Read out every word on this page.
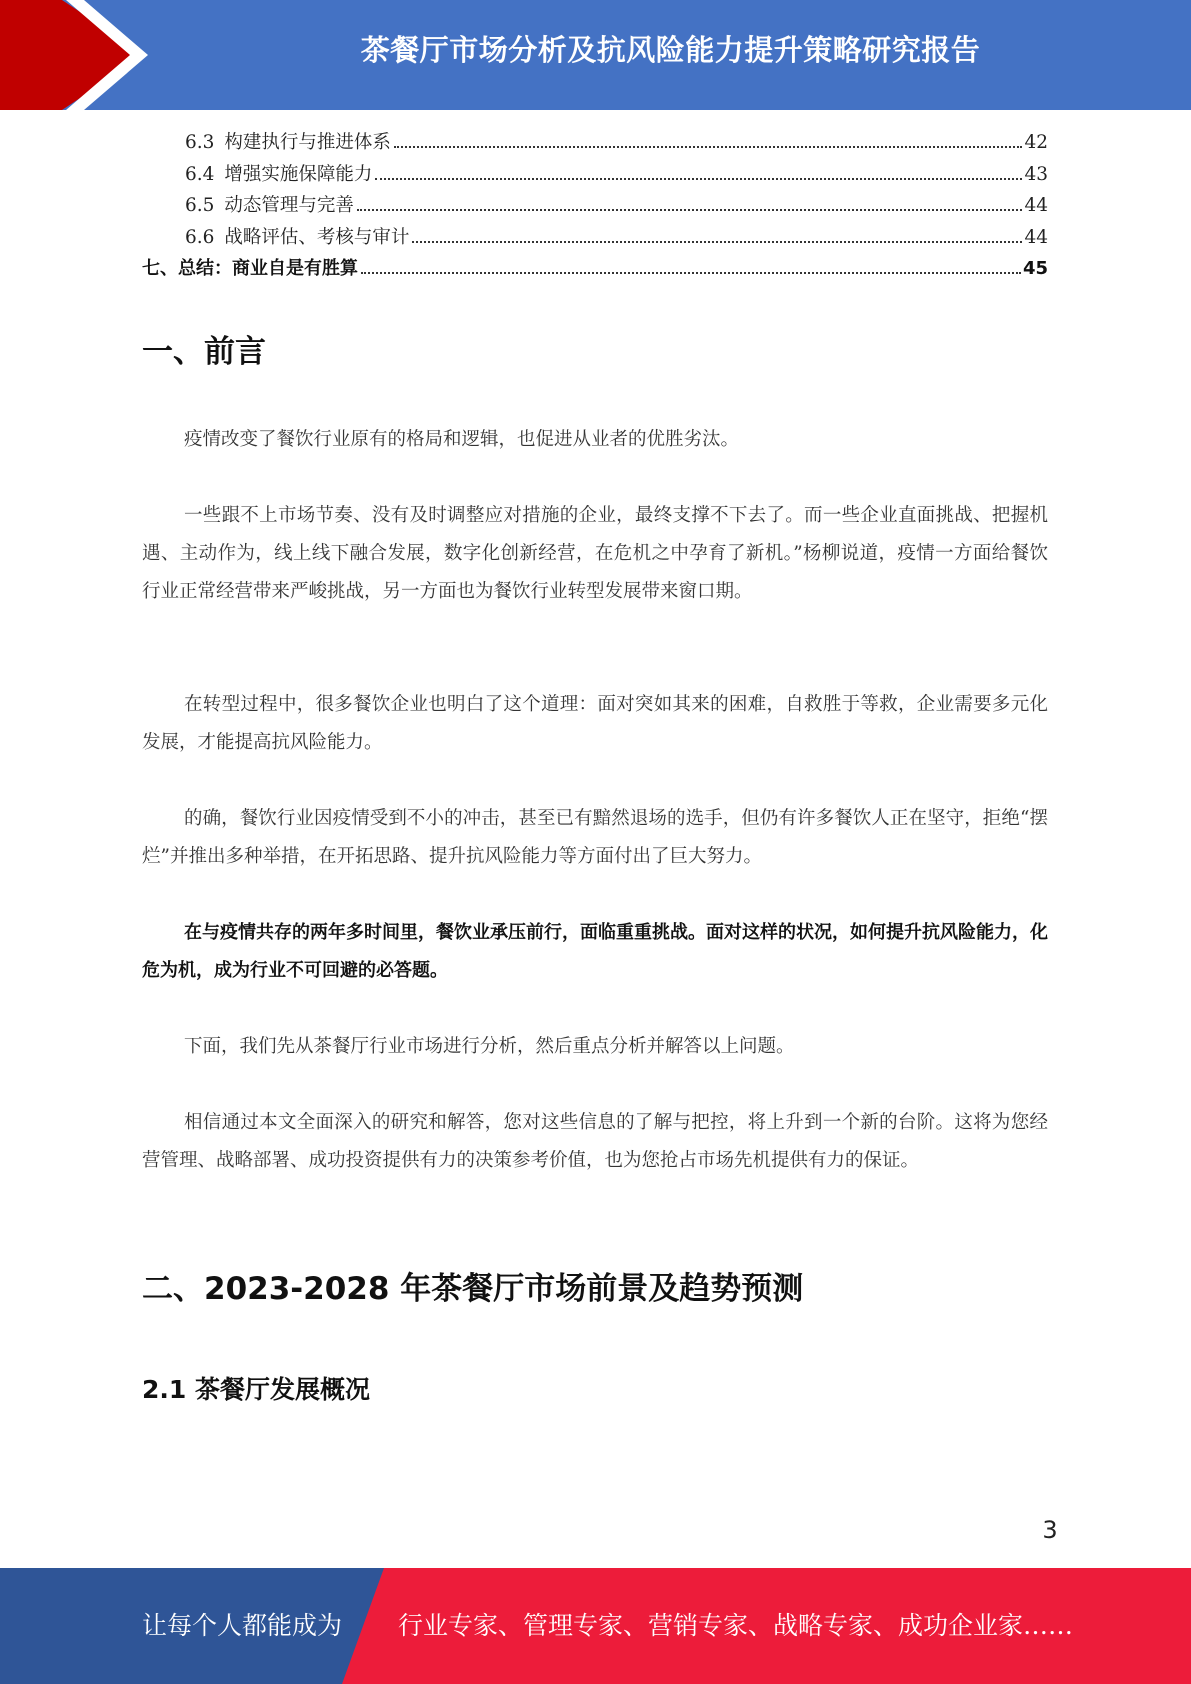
茶餐厅市场分析及抗风险能力提升策略研究报告
6.3 构建执行与推进体系	42
6.4 增强实施保障能力	43
6.5 动态管理与完善	44
6.6 战略评估、考核与审计	44
七、总结：商业自是有胜算	45
一、前言

疫情改变了餐饮行业原有的格局和逻辑，也促进从业者的优胜劣汰。

一些跟不上市场节奏、没有及时调整应对措施的企业，最终支撑不下去了。而一些企业直面挑战、把握机遇、主动作为，线上线下融合发展，数字化创新经营，在危机之中孕育了新机。”杨柳说道，疫情一方面给餐饮行业正常经营带来严峻挑战，另一方面也为餐饮行业转型发展带来窗口期。

在转型过程中，很多餐饮企业也明白了这个道理：面对突如其来的困难，自救胜于等救，企业需要多元化发展，才能提高抗风险能力。

的确，餐饮行业因疫情受到不小的冲击，甚至已有黯然退场的选手，但仍有许多餐饮人正在坚守，拒绝“摆烂”并推出多种举措，在开拓思路、提升抗风险能力等方面付出了巨大努力。

在与疫情共存的两年多时间里，餐饮业承压前行，面临重重挑战。面对这样的状况，如何提升抗风险能力，化危为机，成为行业不可回避的必答题。

下面，我们先从茶餐厅行业市场进行分析，然后重点分析并解答以上问题。

相信通过本文全面深入的研究和解答，您对这些信息的了解与把控，将上升到一个新的台阶。这将为您经营管理、战略部署、成功投资提供有力的决策参考价值，也为您抢占市场先机提供有力的保证。

二、2023-2028 年茶餐厅市场前景及趋势预测
2.1 茶餐厅发展概况
3
让每个人都能成为 行业专家、管理专家、营销专家、战略专家、成功企业家……
